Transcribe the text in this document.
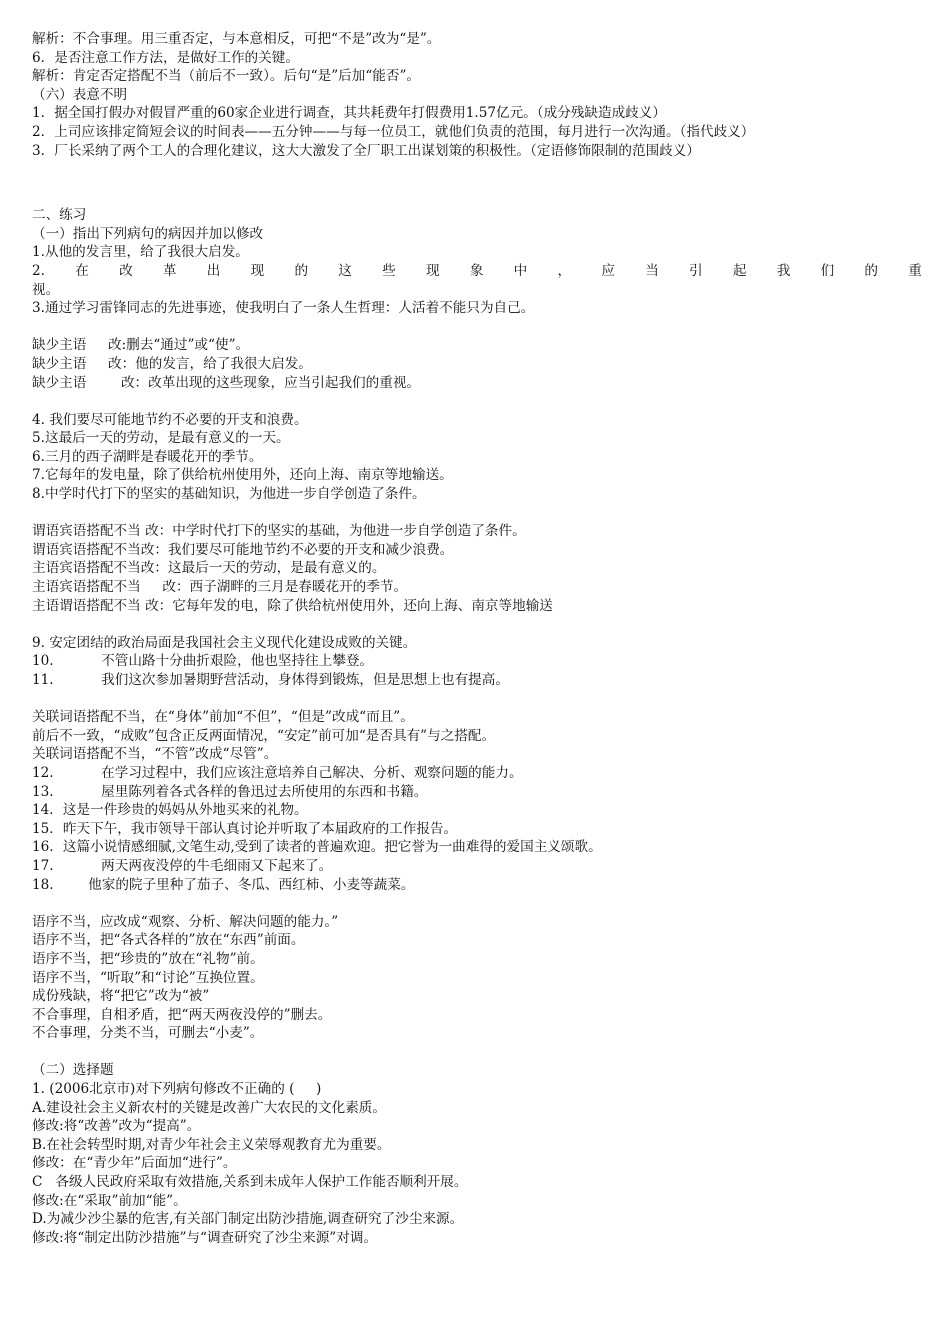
解析：不合事理。用三重否定，与本意相反，可把“不是”改为“是”。
6．是否注意工作方法，是做好工作的关键。
解析：肯定否定搭配不当（前后不一致）。后句“是”后加“能否”。
（六）表意不明
1．据全国打假办对假冒严重的60家企业进行调查，其共耗费年打假费用1.57亿元。（成分残缺造成歧义）
2．上司应该排定简短会议的时间表——五分钟——与每一位员工，就他们负责的范围，每月进行一次沟通。（指代歧义）
3．厂长采纳了两个工人的合理化建议，这大大激发了全厂职工出谋划策的积极性。（定语修饰限制的范围歧义）
二、练习
（一）指出下列病句的病因并加以修改
1.从他的发言里，给了我很大启发。
2. 在 改 革 出 现 的 这 些 现 象 中 ， 应 当 引 起 我 们 的 重
视。
3.通过学习雷锋同志的先进事迹，使我明白了一条人生哲理：人活着不能只为自己。
缺少主语     改:删去“通过”或“使”。
缺少主语     改：他的发言，给了我很大启发。
缺少主语        改：改革出现的这些现象，应当引起我们的重视。
4. 我们要尽可能地节约不必要的开支和浪费。
5.这最后一天的劳动，是最有意义的一天。
6.三月的西子湖畔是春暖花开的季节。
7.它每年的发电量，除了供给杭州使用外，还向上海、南京等地输送。
8.中学时代打下的坚实的基础知识，为他进一步自学创造了条件。
谓语宾语搭配不当 改：中学时代打下的坚实的基础，为他进一步自学创造了条件。
谓语宾语搭配不当改：我们要尽可能地节约不必要的开支和减少浪费。
主语宾语搭配不当改：这最后一天的劳动，是最有意义的。
主语宾语搭配不当     改：西子湖畔的三月是春暖花开的季节。
主语谓语搭配不当 改：它每年发的电，除了供给杭州使用外，还向上海、南京等地输送
9. 安定团结的政治局面是我国社会主义现代化建设成败的关键。
10.           不管山路十分曲折艰险，他也坚持往上攀登。
11.           我们这次参加暑期野营活动，身体得到锻炼，但是思想上也有提高。
关联词语搭配不当，在“身体”前加“不但”，“但是”改成“而且”。
前后不一致，“成败”包含正反两面情况，“安定”前可加“是否具有”与之搭配。
关联词语搭配不当，“不管”改成“尽管”。
12.           在学习过程中，我们应该注意培养自己解决、分析、观察问题的能力。
13.           屋里陈列着各式各样的鲁迅过去所使用的东西和书籍。
14．这是一件珍贵的妈妈从外地买来的礼物。
15．昨天下午，我市领导干部认真讨论并听取了本届政府的工作报告。
16．这篇小说情感细腻,文笔生动,受到了读者的普遍欢迎。把它誉为一曲难得的爱国主义颂歌。
17.           两天两夜没停的牛毛细雨又下起来了。
18.        他家的院子里种了茄子、冬瓜、西红柿、小麦等蔬菜。
语序不当，应改成“观察、分析、解决问题的能力。”
语序不当，把“各式各样的”放在“东西”前面。
语序不当，把“珍贵的”放在“礼物”前。
语序不当，“听取”和“讨论”互换位置。
成份残缺，将“把它”改为“被”
不合事理，自相矛盾，把“两天两夜没停的”删去。
不合事理，分类不当，可删去“小麦”。
（二）选择题
1. (2006北京市)对下列病句修改不正确的 (     )
A.建设社会主义新农村的关键是改善广大农民的文化素质。
修改:将“改善”改为“提高”。
B.在社会转型时期,对青少年社会主义荣辱观教育尤为重要。
修改：在“青少年”后面加“进行”。
C   各级人民政府采取有效措施,关系到未成年人保护工作能否顺利开展。
修改:在“采取”前加“能”。
D.为减少沙尘暴的危害,有关部门制定出防沙措施,调查研究了沙尘来源。
修改:将“制定出防沙措施”与“调查研究了沙尘来源”对调。
